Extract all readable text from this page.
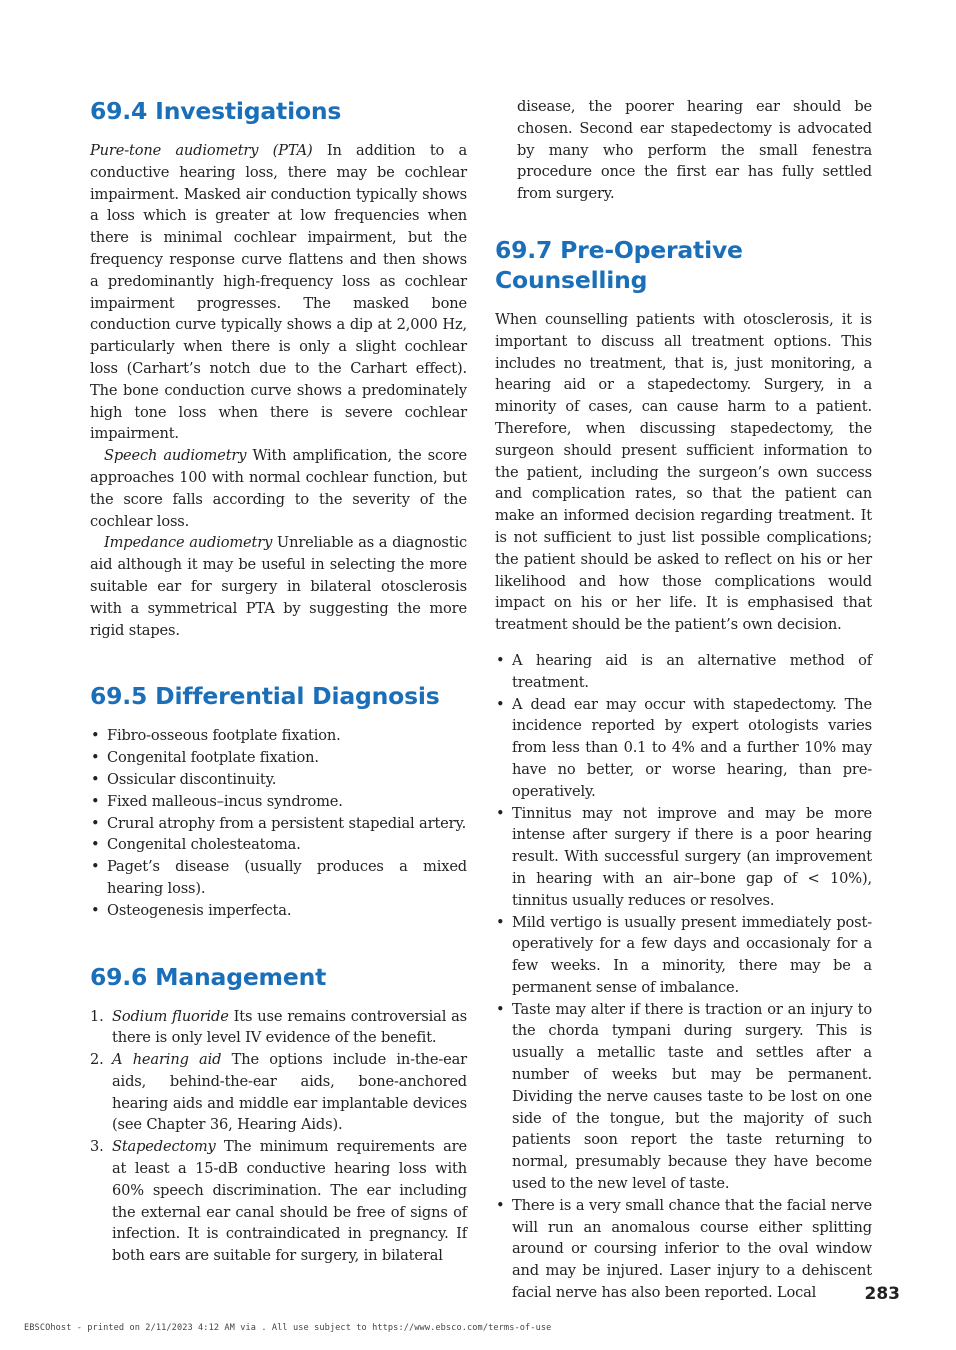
69.4 Investigations

Pure-tone audiometry (PTA) In addition to a conductive hearing loss, there may be cochlear impairment. Masked air conduction typically shows a loss which is greater at low frequencies when there is minimal cochlear impairment, but the frequency response curve flattens and then shows a predominantly high-frequency loss as cochlear impairment progresses. The masked bone conduction curve typically shows a dip at 2,000 Hz, particularly when there is only a slight cochlear loss (Carhart’s notch due to the Carhart effect). The bone conduction curve shows a predominately high tone loss when there is severe cochlear impairment.

Speech audiometry With amplification, the score approaches 100 with normal cochlear function, but the score falls according to the severity of the cochlear loss.

Impedance audiometry Unreliable as a diagnostic aid although it may be useful in selecting the more suitable ear for surgery in bilateral otosclerosis with a symmetrical PTA by suggesting the more rigid stapes.

69.5 Differential Diagnosis
• Fibro-osseous footplate fixation.
• Congenital footplate fixation.
• Ossicular discontinuity.
• Fixed malleous–incus syndrome.
• Crural atrophy from a persistent stapedial artery.
• Congenital cholesteatoma.
• Paget’s disease (usually produces a mixed hearing loss).
• Osteogenesis imperfecta.
69.6 Management
1. Sodium fluoride Its use remains controversial as there is only level IV evidence of the benefit.
2. A hearing aid The options include in-the-ear aids, behind-the-ear aids, bone-anchored hearing aids and middle ear implantable devices (see Chapter 36, Hearing Aids).
3. Stapedectomy The minimum requirements are at least a 15-dB conductive hearing loss with 60% speech discrimination. The ear including the external ear canal should be free of signs of infection. It is contraindicated in pregnancy. If both ears are suitable for surgery, in bilateral

disease, the poorer hearing ear should be chosen. Second ear stapedectomy is advocated by many who perform the small fenestra procedure once the first ear has fully settled from surgery.

69.7 Pre-Operative Counselling

When counselling patients with otosclerosis, it is important to discuss all treatment options. This includes no treatment, that is, just monitoring, a hearing aid or a stapedectomy. Surgery, in a minority of cases, can cause harm to a patient. Therefore, when discussing stapedectomy, the surgeon should present sufficient information to the patient, including the surgeon’s own success and complication rates, so that the patient can make an informed decision regarding treatment. It is not sufficient to just list possible complications; the patient should be asked to reflect on his or her likelihood and how those complications would impact on his or her life. It is emphasised that treatment should be the patient’s own decision.

• A hearing aid is an alternative method of treatment.
• A dead ear may occur with stapedectomy. The incidence reported by expert otologists varies from less than 0.1 to 4% and a further 10% may have no better, or worse hearing, than pre-operatively.
• Tinnitus may not improve and may be more intense after surgery if there is a poor hearing result. With successful surgery (an improvement in hearing with an air–bone gap of < 10%), tinnitus usually reduces or resolves.
• Mild vertigo is usually present immediately post-operatively for a few days and occasionaly for a few weeks. In a minority, there may be a permanent sense of imbalance.
• Taste may alter if there is traction or an injury to the chorda tympani during surgery. This is usually a metallic taste and settles after a number of weeks but may be permanent. Dividing the nerve causes taste to be lost on one side of the tongue, but the majority of such patients soon report the taste returning to normal, presumably because they have become used to the new level of taste.
• There is a very small chance that the facial nerve will run an anomalous course either splitting around or coursing inferior to the oval window and may be injured. Laser injury to a dehiscent facial nerve has also been reported. Local	283
EBSCOhost - printed on 2/11/2023 4:12 AM via . All use subject to https://www.ebsco.com/terms-of-use
